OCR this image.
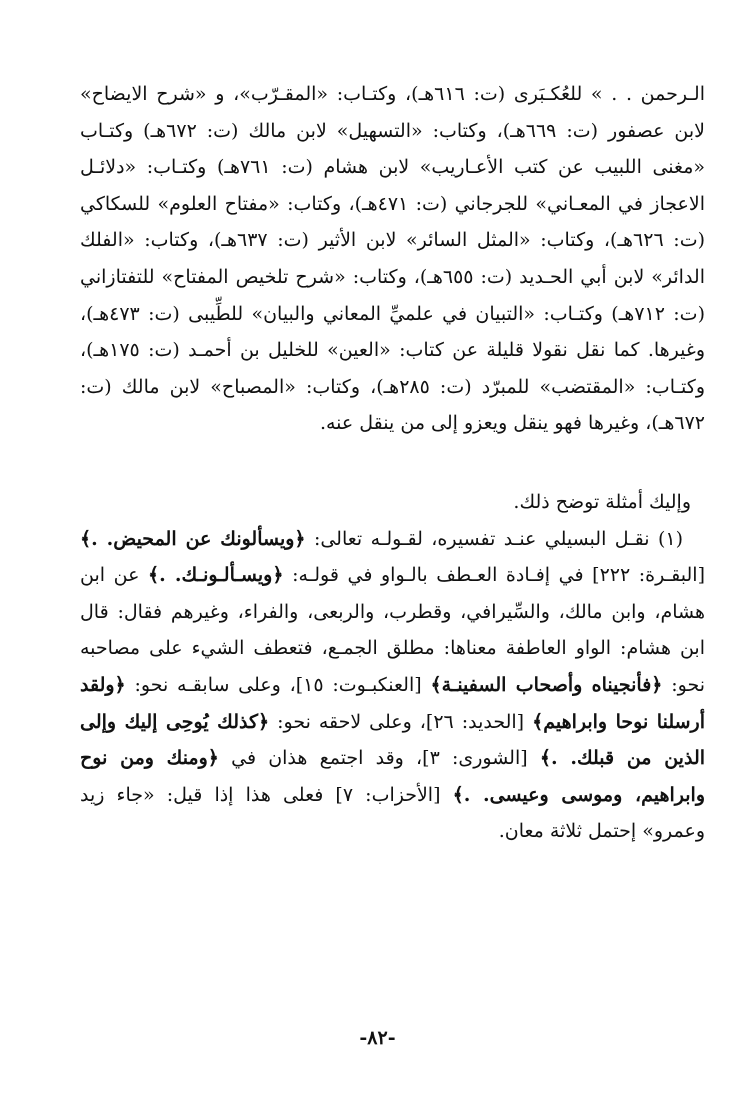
الـرحمن . . » للعُكـبَرى (ت: ٦١٦هـ)، وكتـاب: «المقـرّب»، و «شرح الايضاح» لابن عصفور (ت: ٦٦٩هـ)، وكتاب: «التسهيل» لابن مالك (ت: ٦٧٢هـ) وكتـاب «مغنى اللبيب عن كتب الأعـاريب» لابن هشام (ت: ٧٦١هـ) وكتـاب: «دلائـل الاعجاز في المعـاني» للجرجاني (ت: ٤٧١هـ)، وكتاب: «مفتاح العلوم» للسكاكي (ت: ٦٢٦هـ)، وكتاب: «المثل السائر» لابن الأثير (ت: ٦٣٧هـ)، وكتاب: «الفلك الدائر» لابن أبي الحـديد (ت: ٦٥٥هـ)، وكتاب: «شرح تلخيص المفتاح» للتفتازاني (ت: ٧١٢هـ) وكتـاب: «التبيان في علميِّ المعاني والبيان» للطِّيبى (ت: ٤٧٣هـ)، وغيرها. كما نقل نقولا قليلة عن كتاب: «العين» للخليل بن أحمـد (ت: ١٧٥هـ)، وكتـاب: «المقتضب» للمبرّد (ت: ٢٨٥هـ)، وكتاب: «المصباح» لابن مالك (ت: ٦٧٢هـ)، وغيرها فهو ينقل ويعزو إلى من ينقل عنه.

وإليك أمثلة توضح ذلك.

(١) نقـل البسيلي عنـد تفسيره، لقـولـه تعالى: ﴿ويسألونك عن المحيض. .﴾ [البقـرة: ٢٢٢] في إفـادة العـطف بالـواو في قولـه: ﴿ويسـألـونـك. .﴾ عن ابن هشام، وابن مالك، والسِّيرافي، وقطرب، والربعى، والفراء، وغيرهم فقال: قال ابن هشام: الواو العاطفة معناها: مطلق الجمـع، فتعطف الشيء على مصاحبه نحو: ﴿فأنجيناه وأصحاب السفينـة﴾ [العنكبـوت: ١٥]، وعلى سابقـه نحو: ﴿ولقد أرسلنا نوحا وابراهيم﴾ [الحديد: ٢٦]، وعلى لاحقه نحو: ﴿كذلك يُوحِى إليك وإلى الذين من قبلك. .﴾ [الشورى: ٣]، وقد اجتمع هذان في ﴿ومنك ومن نوح وابراهيم، وموسى وعيسى. .﴾ [الأحزاب: ٧] فعلى هذا إذا قيل: «جاء زيد وعمرو» إحتمل ثلاثة معان.

-٨٢-
